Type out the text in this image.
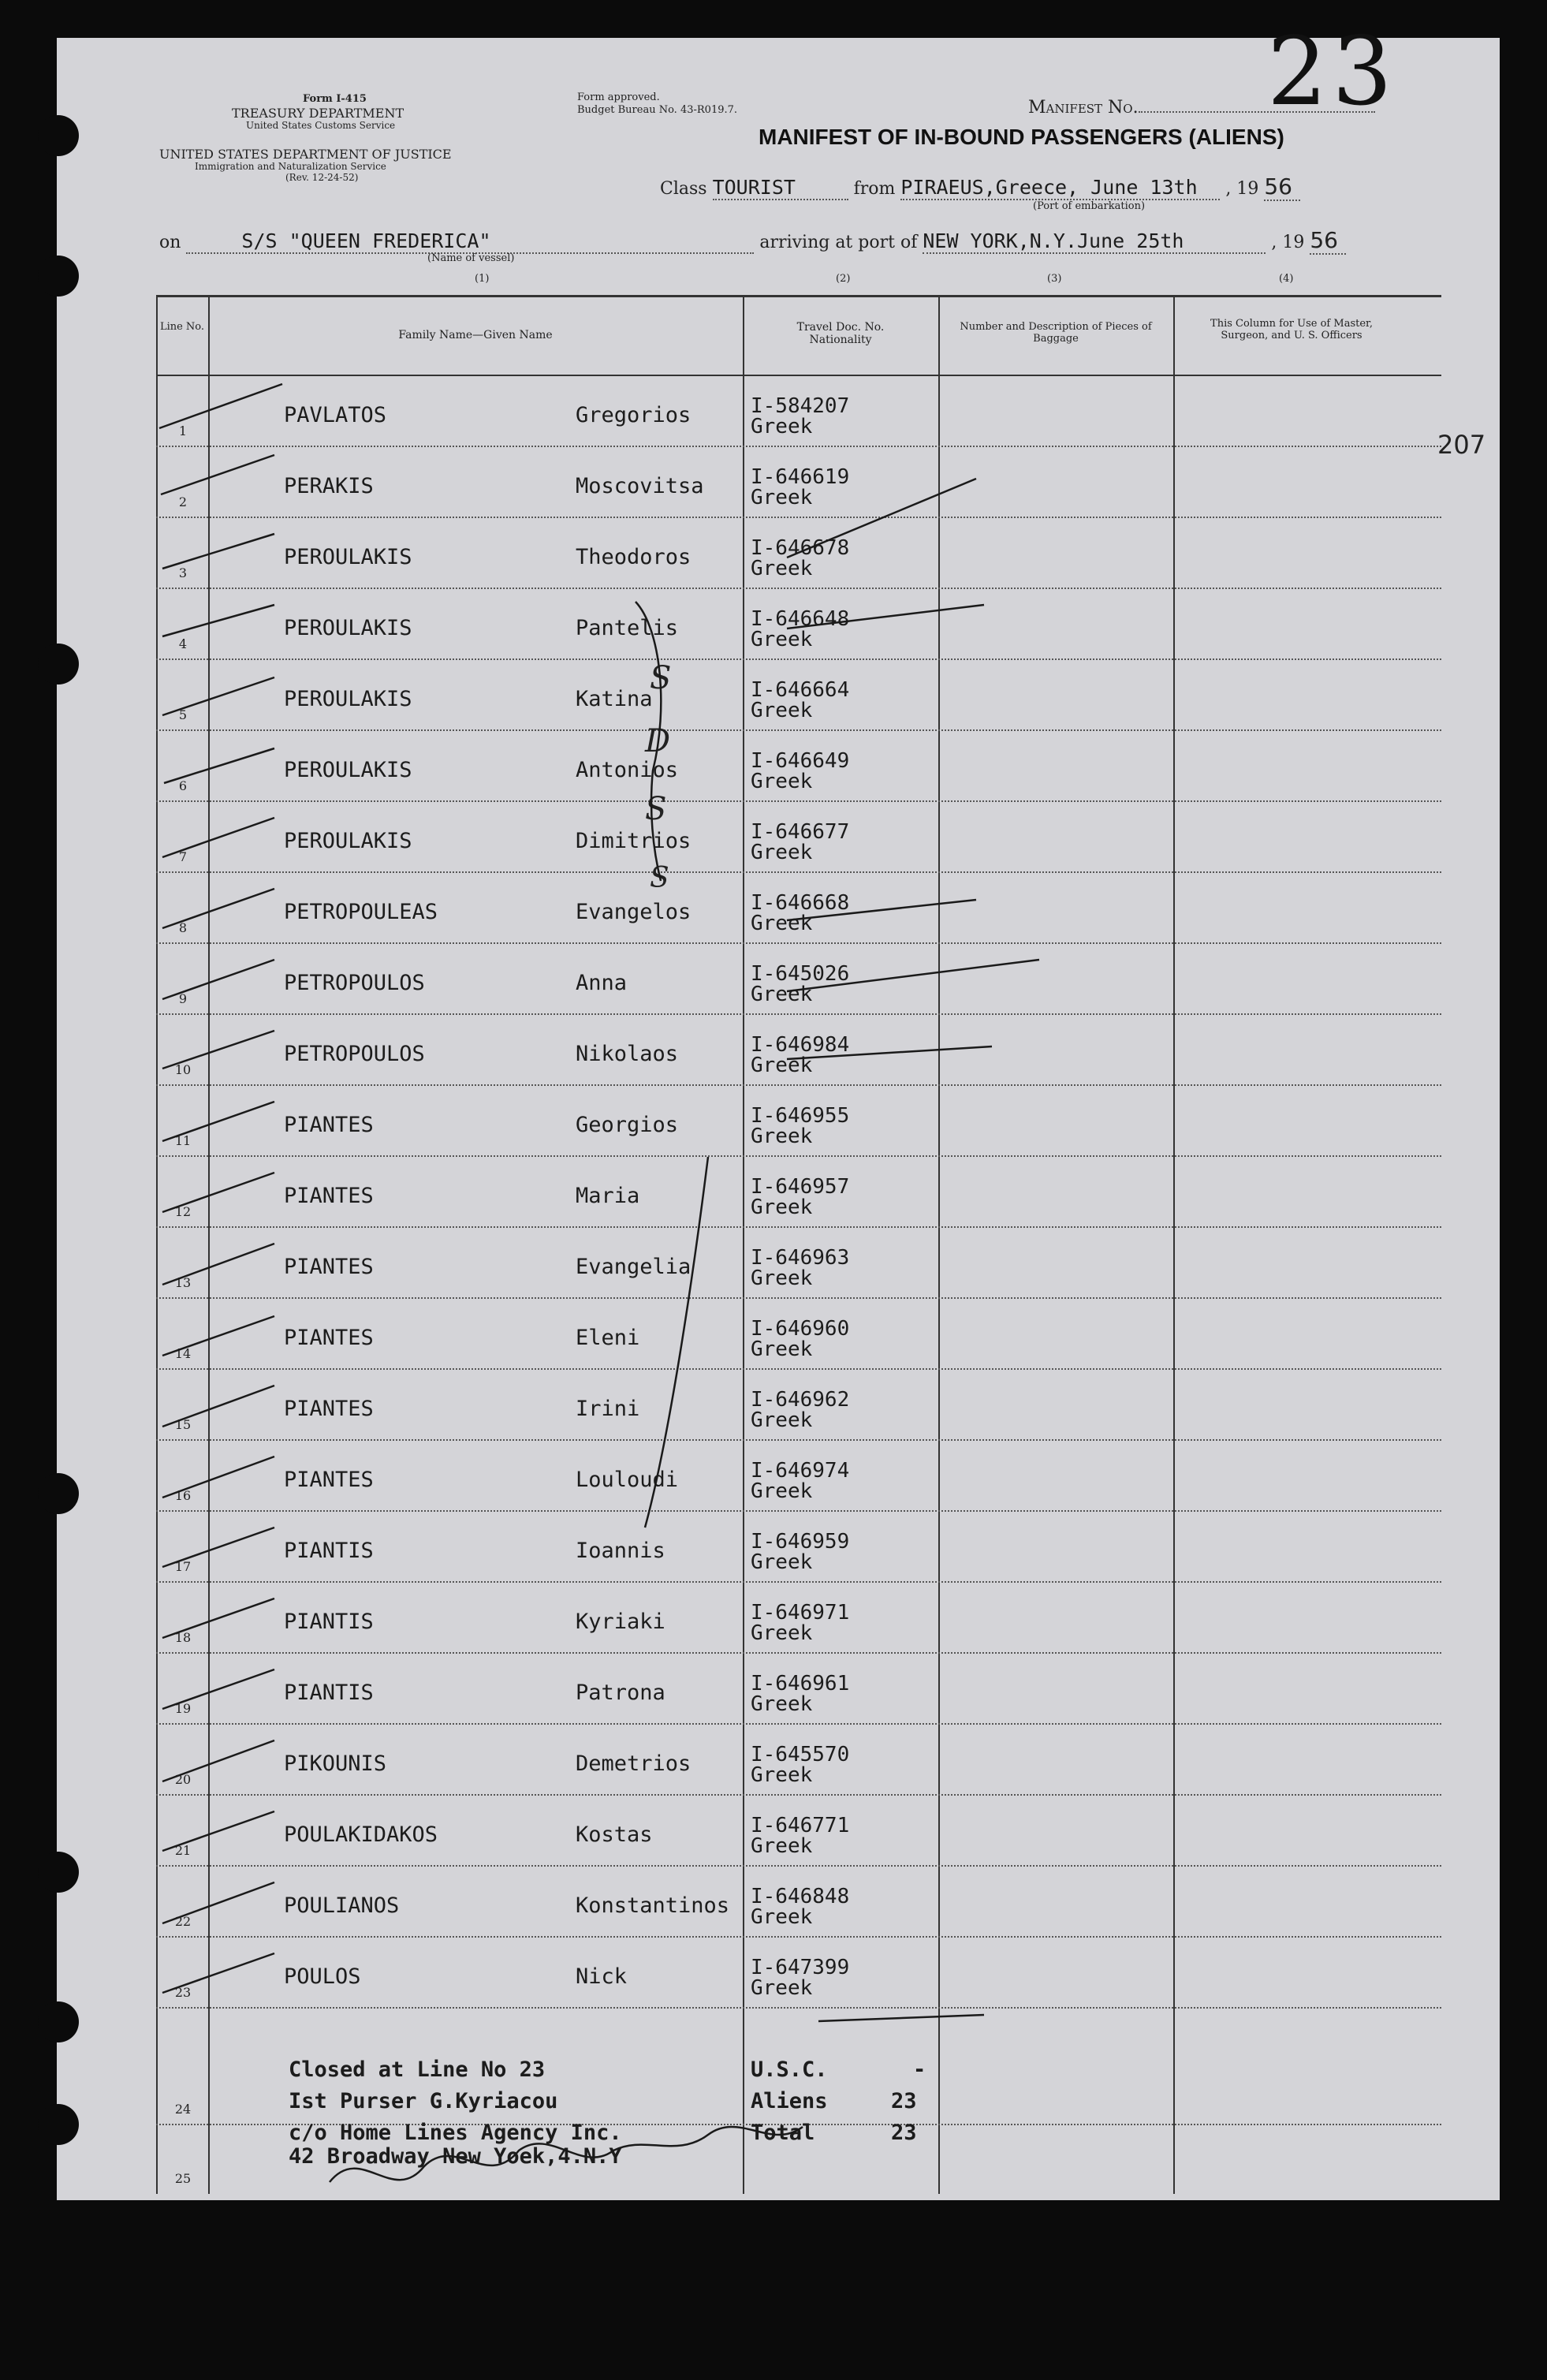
23
Form I-415
TREASURY DEPARTMENT
United States Customs Service
UNITED STATES DEPARTMENT OF JUSTICE
Immigration and Naturalization Service
(Rev. 12-24-52)
Form approved.
Budget Bureau No. 43-R019.7.	Manifest No.
MANIFEST OF IN-BOUND PASSENGERS (ALIENS)
Class TOURIST	from PIRAEUS,Greece, June 13th , 19 56
(Port of embarkation)
on	S/S "QUEEN FREDERICA"	arriving at port of NEW YORK,N.Y.June 25th	, 19 56
(Name of vessel)
(1)	(2)	(3)	(4)
Line No.
Family Name—Given Name
Travel Doc. No. Nationality
Number and Description of Pieces of Baggage
This Column for Use of Master, Surgeon, and U. S. Officers
1
PAVLATOS	Gregorios	I-584207
Greek
2
PERAKIS	Moscovitsa I-646619
Greek
3
PEROULAKIS	Theodoros	I-646678
Greek
4
PEROULAKIS	Pantelis	I-646648
Greek
5
PEROULAKIS	Katina	I-646664
Greek
6
PEROULAKIS	Antonios	I-646649
Greek
7
PEROULAKIS	Dimitrios	I-646677
Greek
8
PETROPOULEAS	Evangelos	I-646668
Greek
9
PETROPOULOS	Anna	I-645026
Greek
10
PETROPOULOS	Nikolaos	I-646984
Greek
11
PIANTES	Georgios	I-646955
Greek
12
PIANTES	Maria	I-646957
Greek
13
PIANTES	Evangelia	I-646963
Greek
14
PIANTES	Eleni	I-646960
Greek
15
PIANTES	Irini	I-646962
Greek
16
PIANTES	Louloudi	I-646974
Greek
17
PIANTIS	Ioannis	I-646959
Greek
18
PIANTIS	Kyriaki	I-646971
Greek
19
PIANTIS	Patrona	I-646961
Greek
20
PIKOUNIS	Demetrios	I-645570
Greek
21
POULAKIDAKOS	Kostas	I-646771
Greek
22
POULIANOS	Konstantinos I-646848
Greek
23
POULOS	Nick	I-647399
Greek
207
24
25
Closed at Line No 23
Ist Purser G.Kyriacou
c/o Home Lines Agency Inc.
42 Broadway New Yoek,4.N.Y
U.S.C.	-
Aliens	23
Total	23
S
D
S
S
